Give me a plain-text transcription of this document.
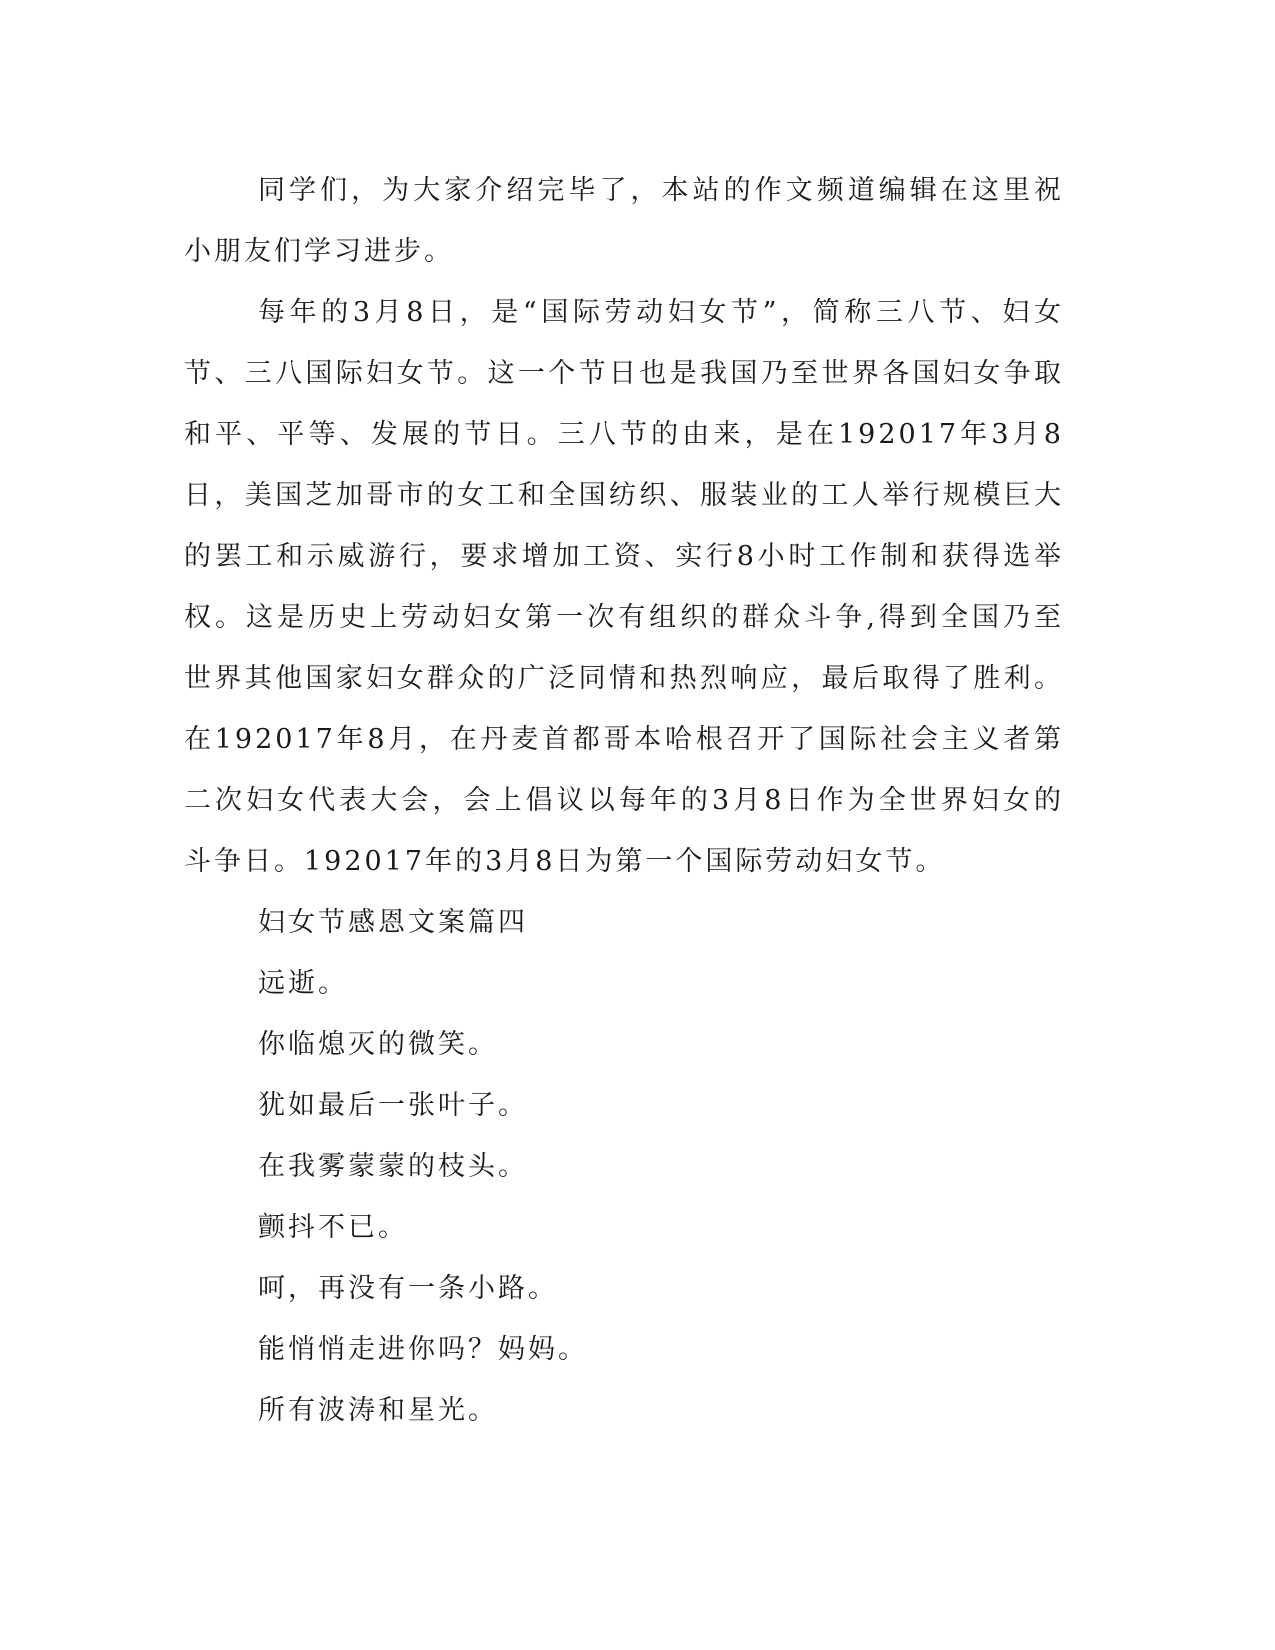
同学们，为大家介绍完毕了，本站的作文频道编辑在这里祝小朋友们学习进步。

每年的3月8日，是“国际劳动妇女节”，简称三八节、妇女节、三八国际妇女节。这一个节日也是我国乃至世界各国妇女争取和平、平等、发展的节日。三八节的由来，是在192017年3月8日，美国芝加哥市的女工和全国纺织、服装业的工人举行规模巨大的罢工和示威游行，要求增加工资、实行8小时工作制和获得选举权。这是历史上劳动妇女第一次有组织的群众斗争,得到全国乃至世界其他国家妇女群众的广泛同情和热烈响应，最后取得了胜利。在192017年8月，在丹麦首都哥本哈根召开了国际社会主义者第二次妇女代表大会，会上倡议以每年的3月8日作为全世界妇女的斗争日。192017年的3月8日为第一个国际劳动妇女节。

妇女节感恩文案篇四

远逝。

你临熄灭的微笑。

犹如最后一张叶子。

在我雾蒙蒙的枝头。

颤抖不已。

呵，再没有一条小路。

能悄悄走进你吗？妈妈。

所有波涛和星光。
